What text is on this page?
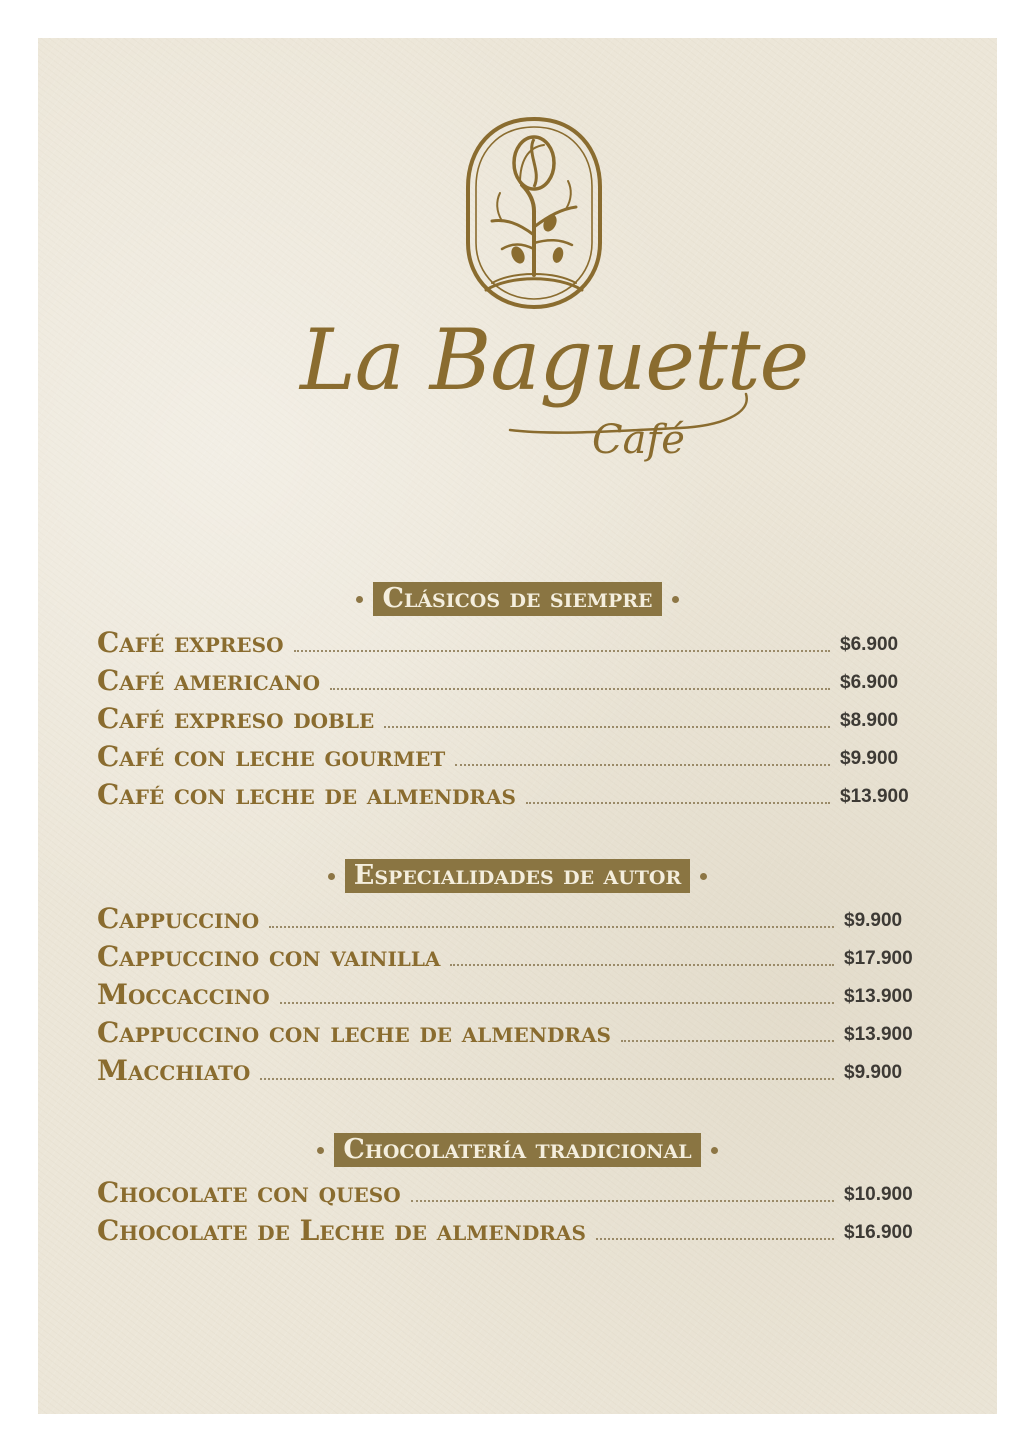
La Baguette
Café
Clásicos de siempre
Café expreso	$6.900
Café americano	$6.900
Café expreso doble	$8.900
Café con leche gourmet	$9.900
Café con leche de almendras	$13.900
Especialidades de autor
Cappuccino	$9.900
Cappuccino con vainilla	$17.900
Moccaccino	$13.900
Cappuccino con leche de almendras	$13.900
Macchiato	$9.900
Chocolatería tradicional
Chocolate con queso	$10.900
Chocolate de Leche de almendras	$16.900
